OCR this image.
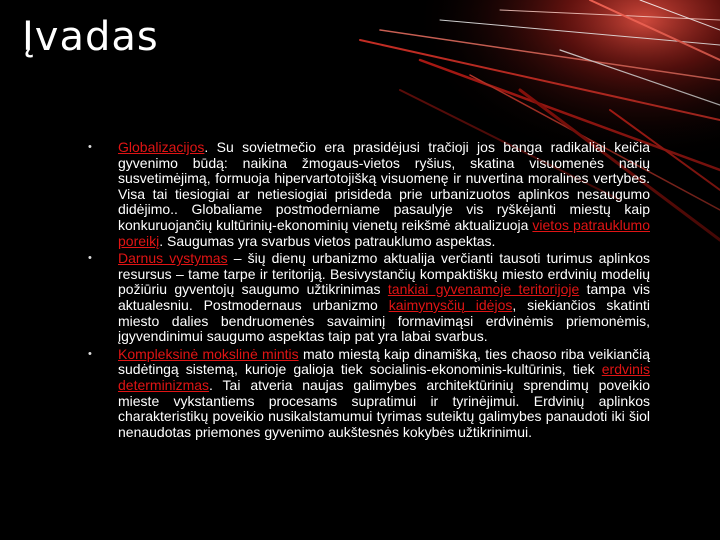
Įvadas
• Globalizacijos. Su sovietmečio era prasidėjusi tračioji jos banga radikaliai keičia gyvenimo būdą: naikina žmogaus-vietos ryšius, skatina visuomenės narių susvetimėjimą, formuoja hipervartotojišką visuomenę ir nuvertina moralines vertybes. Visa tai tiesiogiai ar netiesiogiai prisideda prie urbanizuotos aplinkos nesaugumo didėjimo.. Globaliame postmoderniame pasaulyje vis ryškėjanti miestų kaip konkuruojančių kultūrinių-ekonominių vienetų reikšmė aktualizuoja vietos patrauklumo poreikį. Saugumas yra svarbus vietos patrauklumo aspektas.
• Darnus vystymas – šių dienų urbanizmo aktualija verčianti tausoti turimus aplinkos resursus – tame tarpe ir teritoriją. Besivystančių kompaktiškų miesto erdvinių modelių požiūriu gyventojų saugumo užtikrinimas tankiai gyvenamoje teritorijoje tampa vis aktualesniu. Postmodernaus urbanizmo kaimynysčių idėjos, siekiančios skatinti miesto dalies bendruomenės savaiminį formavimąsi erdvinėmis priemonėmis, įgyvendinimui saugumo aspektas taip pat yra labai svarbus.
• Kompleksinė mokslinė mintis mato miestą kaip dinamišką, ties chaoso riba veikiančią sudėtingą sistemą, kurioje galioja tiek socialinis-ekonominis-kultūrinis, tiek erdvinis determinizmas. Tai atveria naujas galimybes architektūrinių sprendimų poveikio mieste vykstantiems procesams supratimui ir tyrinėjimui. Erdvinių aplinkos charakteristikų poveikio nusikalstamumui tyrimas suteiktų galimybes panaudoti iki šiol nenaudotas priemones gyvenimo aukštesnės kokybės užtikrinimui.
